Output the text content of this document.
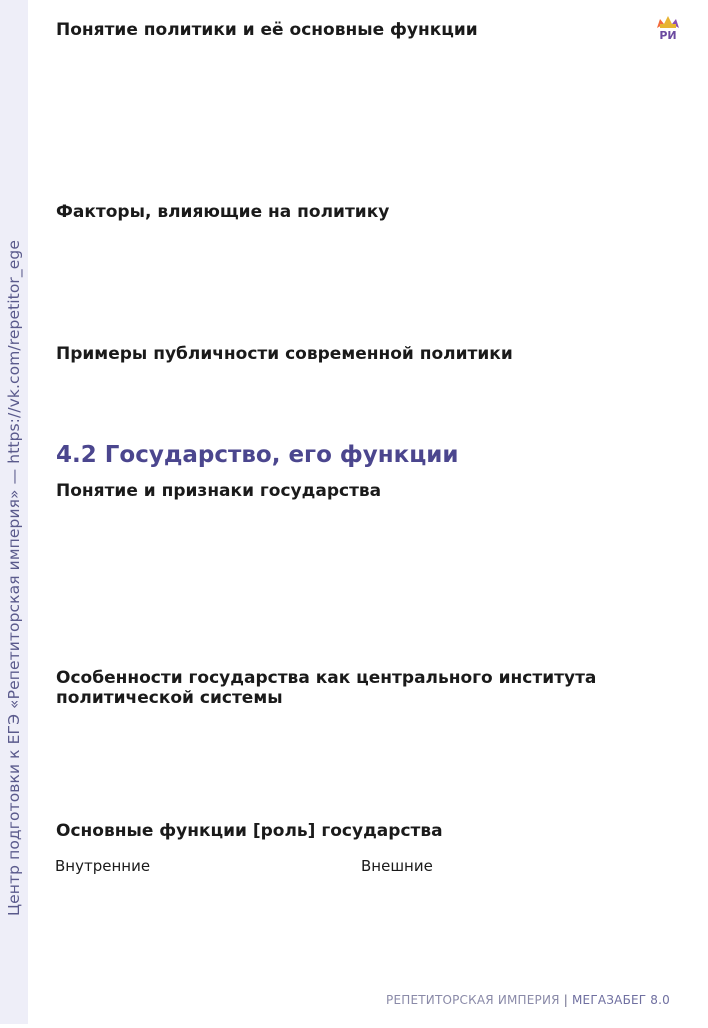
Центр подготовки к ЕГЭ «Репетиторская империя» — https://vk.com/repetitor_ege
РИ
Понятие политики и её основные функции
Факторы, влияющие на политику
Примеры публичности современной политики
4.2 Государство, его функции
Понятие и признаки государства
Особенности государства как центрального института политической системы
Основные функции [роль] государства
Внутренние	Внешние
РЕПЕТИТОРСКАЯ ИМПЕРИЯ | МЕГАЗАБЕГ 8.0
